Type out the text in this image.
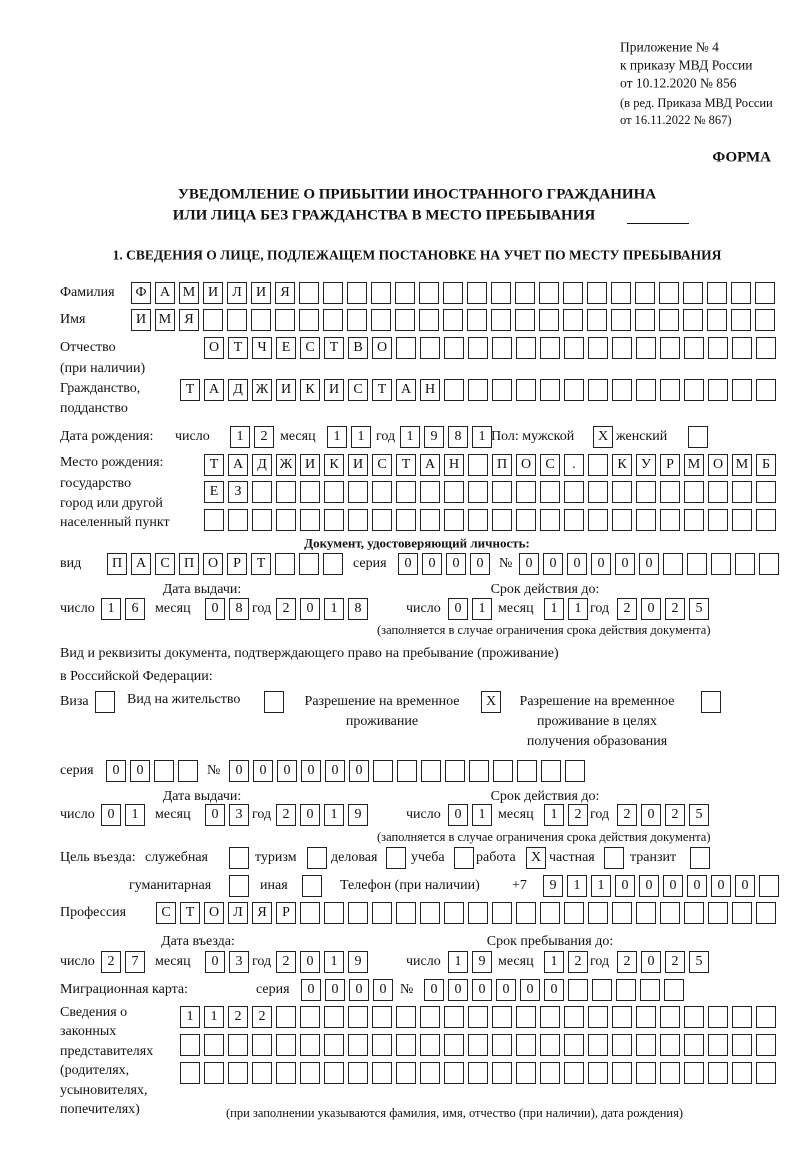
Приложение № 4
к приказу МВД России
от 10.12.2020 № 856
(в ред. Приказа МВД России
от 16.11.2022 № 867)
ФОРМА
УВЕДОМЛЕНИЕ О ПРИБЫТИИ ИНОСТРАННОГО ГРАЖДАНИНА
ИЛИ ЛИЦА БЕЗ ГРАЖДАНСТВА В МЕСТО ПРЕБЫВАНИЯ
1. СВЕДЕНИЯ О ЛИЦЕ, ПОДЛЕЖАЩЕМ ПОСТАНОВКЕ НА УЧЕТ ПО МЕСТУ ПРЕБЫВАНИЯ
Фамилия	Ф А М И	Л	И	Я
Имя	И М Я
Отчество
(при наличии)
О	Т	Ч	Е	С	Т	В	О
Гражданство,
подданство
Т	А	Д Ж И	К	И	С	Т	А Н
Дата рождения: число	1	2 месяц	1	1 год 1	9	8	1 Пол: мужской	X женский
Место рождения:
государство
город или другой
населенный пункт
Т	А	Д Ж И	К	И	С	Т	А Н	П О	С	.	К	У	Р М О М Б
Е	З
Документ, удостоверяющий личность:
вид	П А	С	П О	Р	Т	серия	0	0	0	0	№ 0	0	0	0	0	0
Дата выдачи:	Срок действия до:
число 1	6	месяц	0	8 год 2	0	1	8	число 0	1 месяц	1	1 год	2	0	2	5
(заполняется в случае ограничения срока действия документа)
Вид и реквизиты документа, подтверждающего право на пребывание (проживание)
в Российской Федерации:
Виза	Вид на жительство	Разрешение на временное
проживание
X	Разрешение на временное
проживание в целях
получения образования
серия	0	0	№	0	0	0	0	0	0
Дата выдачи:	Срок действия до:
число 0	1	месяц	0	3 год 2	0	1	9	число 0	1 месяц	1	2 год	2	0	2	5
(заполняется в случае ограничения срока действия документа)
Цель въезда: служебная	туризм деловая учеба работа	X частная	транзит
гуманитарная	иная	Телефон (при наличии) +7	9	1	1	0	0	0	0	0	0
Профессия	С	Т	О	Л	Я	Р
Дата въезда:	Срок пребывания до:
число 2	7	месяц	0	3 год 2	0	1	9	число 1	9 месяц	1	2 год	2	0	2	5
Миграционная карта:	серия	0	0	0	0 №	0	0	0	0	0	0
Сведения о
законных
представителях
(родителях,
усыновителях,
попечителях)
1	1	2	2
(при заполнении указываются фамилия, имя, отчество (при наличии), дата рождения)
